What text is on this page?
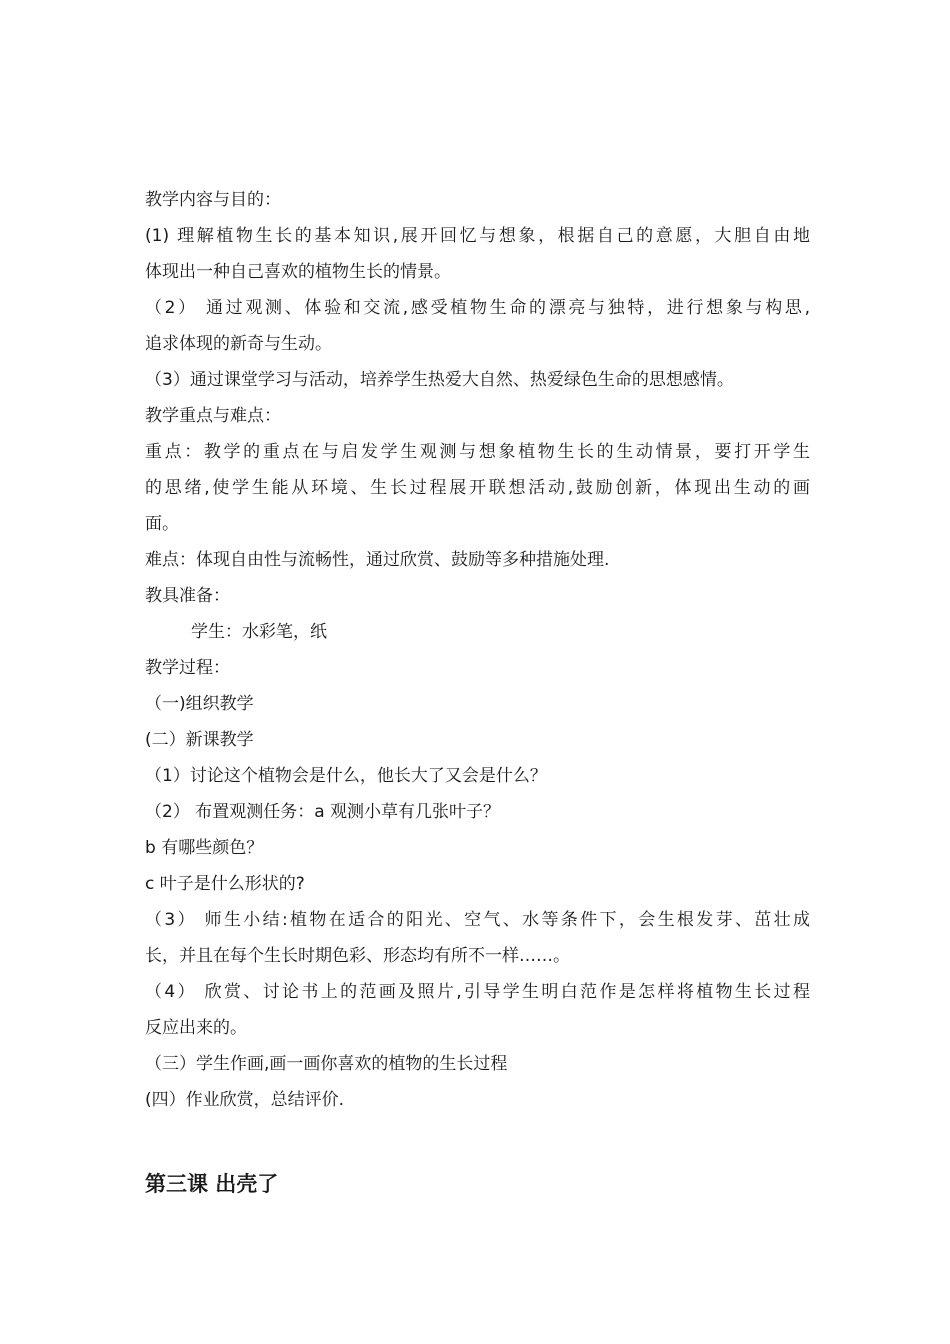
教学内容与目的：
(1) 理解植物生长的基本知识,展开回忆与想象，根据自己的意愿，大胆自由地
体现出一种自己喜欢的植物生长的情景。
（2） 通过观测、体验和交流,感受植物生命的漂亮与独特，进行想象与构思,
追求体现的新奇与生动。
（3）通过课堂学习与活动，培养学生热爱大自然、热爱绿色生命的思想感情。
教学重点与难点：
重点：教学的重点在与启发学生观测与想象植物生长的生动情景，要打开学生
的思绪,使学生能从环境、生长过程展开联想活动,鼓励创新，体现出生动的画
面。
难点：体现自由性与流畅性，通过欣赏、鼓励等多种措施处理.
教具准备：
学生：水彩笔，纸
教学过程：
（一)组织教学
(二）新课教学
（1）讨论这个植物会是什么，他长大了又会是什么？
（2） 布置观测任务：a 观测小草有几张叶子？
b 有哪些颜色？
c 叶子是什么形状的?
（3） 师生小结:植物在适合的阳光、空气、水等条件下，会生根发芽、茁壮成
长，并且在每个生长时期色彩、形态均有所不一样……。
（4） 欣赏、讨论书上的范画及照片,引导学生明白范作是怎样将植物生长过程
反应出来的。
（三）学生作画,画一画你喜欢的植物的生长过程
(四）作业欣赏，总结评价.
第三课 出壳了
